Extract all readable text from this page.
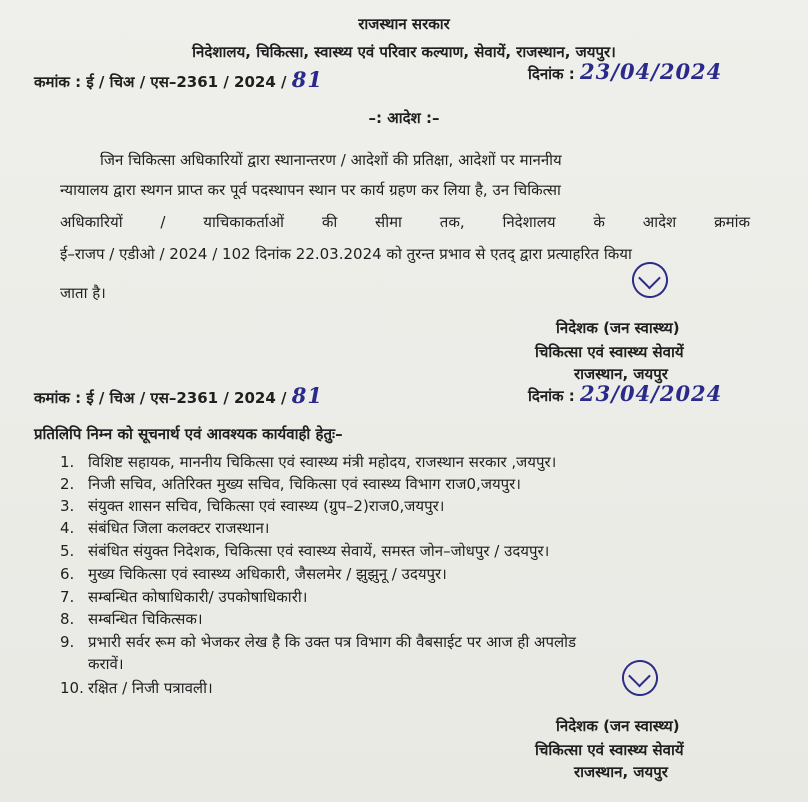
राजस्थान सरकार
निदेशालय, चिकित्सा, स्वास्थ्य एवं परिवार कल्याण, सेवायें, राजस्थान, जयपुर।
कमांक : ई / चिअ / एस–2361 / 2024 / 81	दिनांक : 23/04/2024
–: आदेश :–
जिन चिकित्सा अधिकारियों द्वारा स्थानान्तरण / आदेशों की प्रतिक्षा, आदेशों पर माननीय
न्यायालय द्वारा स्थगन प्राप्त कर पूर्व पदस्थापन स्थान पर कार्य ग्रहण कर लिया है, उन चिकित्सा
अधिकारियों / याचिकाकर्ताओं की सीमा तक, निदेशालय के आदेश क्रमांक
ई–राजप / एडीओ / 2024 / 102 दिनांक 22.03.2024 को तुरन्त प्रभाव से एतद् द्वारा प्रत्याहरित किया
जाता है।
निदेशक (जन स्वास्थ्य)
चिकित्सा एवं स्वास्थ्य सेवायें
राजस्थान, जयपुर
कमांक : ई / चिअ / एस–2361 / 2024 / 81	दिनांक : 23/04/2024
प्रतिलिपि निम्न को सूचनार्थ एवं आवश्यक कार्यवाही हेतुः–
1. विशिष्ट सहायक, माननीय चिकित्सा एवं स्वास्थ्य मंत्री महोदय, राजस्थान सरकार ,जयपुर।
2. निजी सचिव, अतिरिक्त मुख्य सचिव, चिकित्सा एवं स्वास्थ्य विभाग राज0,जयपुर।
3. संयुक्त शासन सचिव, चिकित्सा एवं स्वास्थ्य (ग्रुप–2)राज0,जयपुर।
4. संबंधित जिला कलक्टर राजस्थान।
5. संबंधित संयुक्त निदेशक, चिकित्सा एवं स्वास्थ्य सेवायें, समस्त जोन–जोधपुर / उदयपुर।
6. मुख्य चिकित्सा एवं स्वास्थ्य अधिकारी, जैसलमेर / झुझुनू / उदयपुर।
7. सम्बन्धित कोषाधिकारी/ उपकोषाधिकारी।
8. सम्बन्धित चिकित्सक।
9. प्रभारी सर्वर रूम को भेजकर लेख है कि उक्त पत्र विभाग की वैबसाईट पर आज ही अपलोड
करावें।
10. रक्षित / निजी पत्रावली।
निदेशक (जन स्वास्थ्य)
चिकित्सा एवं स्वास्थ्य सेवायें
राजस्थान, जयपुर
